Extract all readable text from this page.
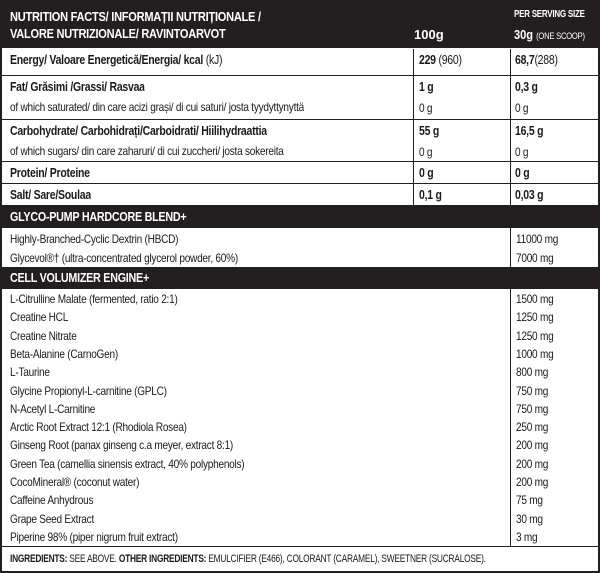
NUTRITION FACTS/ INFORMAȚII NUTRIȚIONALE /
VALORE NUTRIZIONALE/ RAVINTOARVOT	100g
PER SERVING SIZE
30g (ONE SCOOP)
Energy/ Valoare Energetică/Energia/ kcal (kJ)	229 (960)	68,7(288)
Fat/ Grăsimi /Grassi/ Rasvaa	1 g	0,3 g
of which saturated/ din care acizi grași/ di cui saturi/ josta tyydyttynyttä	0 g	0 g
Carbohydrate/ Carbohidrați/Carboidrati/ Hiilihydraattia	55 g	16,5 g
of which sugars/ din care zaharuri/ di cui zuccheri/ josta sokereita	0 g	0 g
Protein/ Proteine	0 g	0 g
Salt/ Sare/Soulaa	0,1 g	0,03 g
GLYCO-PUMP HARDCORE BLEND+
Highly-Branched-Cyclic Dextrin (HBCD)	11000 mg
Glycevol®† (ultra-concentrated glycerol powder, 60%)	7000 mg
CELL VOLUMIZER ENGINE+
L-Citrulline Malate (fermented, ratio 2:1)	1500 mg
Creatine HCL	1250 mg
Creatine Nitrate	1250 mg
Beta-Alanine (CarnoGen)	1000 mg
L-Taurine	800 mg
Glycine Propionyl-L-carnitine (GPLC)	750 mg
N-Acetyl L-Carnitine	750 mg
Arctic Root Extract 12:1 (Rhodiola Rosea)	250 mg
Ginseng Root (panax ginseng c.a meyer, extract 8:1)	200 mg
Green Tea (camellia sinensis extract, 40% polyphenols)	200 mg
CocoMineral® (coconut water)	200 mg
Caffeine Anhydrous	75 mg
Grape Seed Extract	30 mg
Piperine 98% (piper nigrum fruit extract)	3 mg
INGREDIENTS: SEE ABOVE. OTHER INGREDIENTS: EMULCIFIER (E466), COLORANT (CARAMEL), SWEETNER (SUCRALOSE).
